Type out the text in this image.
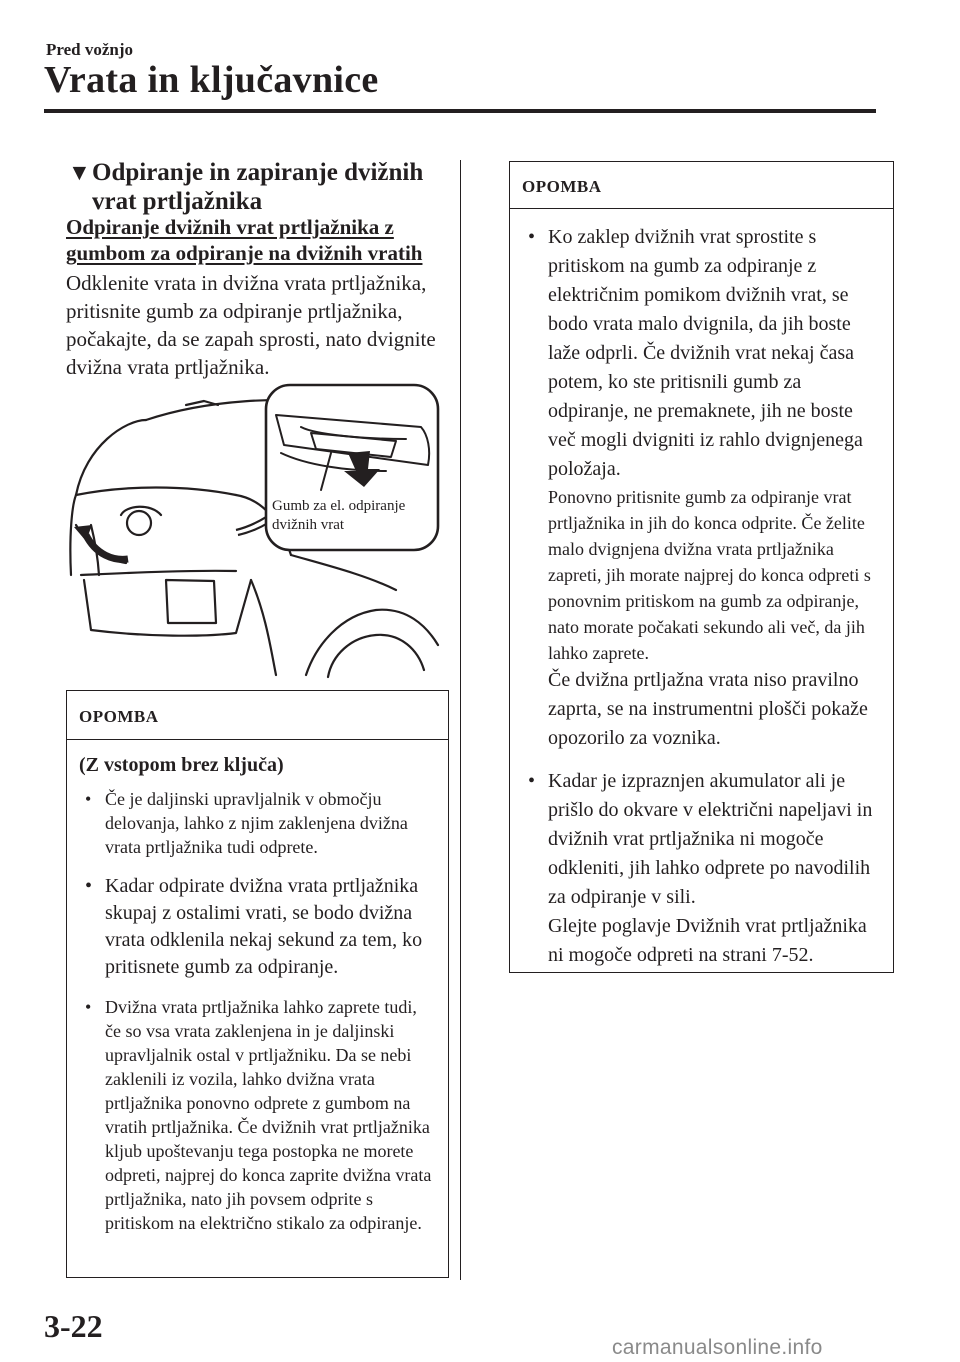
Pred vožnjo
Vrata in ključavnice
▼ Odpiranje in zapiranje dvižnih vrat prtljažnika
Odpiranje dvižnih vrat prtljažnika z gumbom za odpiranje na dvižnih vratih
Odklenite vrata in dvižna vrata prtljažnika, pritisnite gumb za odpiranje prtljažnika, počakajte, da se zapah sprosti, nato dvignite dvižna vrata prtljažnika.
Gumb za el. odpiranje
dvižnih vrat
OPOMBA
(Z vstopom brez ključa)
• Če je daljinski upravljalnik v območju delovanja, lahko z njim zaklenjena dvižna vrata prtljažnika tudi odprete.
• Kadar odpirate dvižna vrata prtljažnika skupaj z ostalimi vrati, se bodo dvižna vrata odklenila nekaj sekund za tem, ko pritisnete gumb za odpiranje.
• Dvižna vrata prtljažnika lahko zaprete tudi, če so vsa vrata zaklenjena in je daljinski upravljalnik ostal v prtljažniku. Da se nebi zaklenili iz vozila, lahko dvižna vrata prtljažnika ponovno odprete z gumbom na vratih prtljažnika. Če dvižnih vrat prtljažnika kljub upoštevanju tega postopka ne morete odpreti, najprej do konca zaprite dvižna vrata prtljažnika, nato jih povsem odprite s pritiskom na električno stikalo za odpiranje.
OPOMBA
• Ko zaklep dvižnih vrat sprostite s pritiskom na gumb za odpiranje z električnim pomikom dvižnih vrat, se bodo vrata malo dvignila, da jih boste laže odprli. Če dvižnih vrat nekaj časa potem, ko ste pritisnili gumb za odpiranje, ne premaknete, jih ne boste več mogli dvigniti iz rahlo dvignjenega položaja.
Ponovno pritisnite gumb za odpiranje vrat prtljažnika in jih do konca odprite. Če želite malo dvignjena dvižna vrata prtljažnika zapreti, jih morate najprej do konca odpreti s ponovnim pritiskom na gumb za odpiranje, nato morate počakati sekundo ali več, da jih lahko zaprete.
Če dvižna prtljažna vrata niso pravilno zaprta, se na instrumentni plošči pokaže opozorilo za voznika.
• Kadar je izpraznjen akumulator ali je prišlo do okvare v električni napeljavi in dvižnih vrat prtljažnika ni mogoče odkleniti, jih lahko odprete po navodilih za odpiranje v sili.
Glejte poglavje Dvižnih vrat prtljažnika ni mogoče odpreti na strani 7-52.
3-22
carmanualsonline.info
